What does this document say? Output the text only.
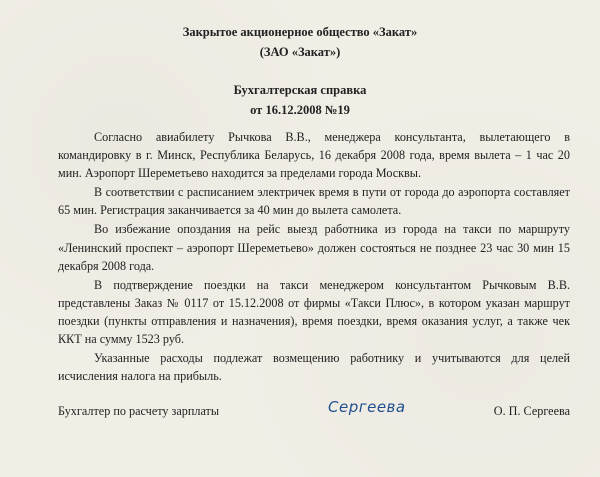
Закрытое акционерное общество «Закат»
(ЗАО «Закат»)
Бухгалтерская справка
от 16.12.2008 №19

Согласно авиабилету Рычкова В.В., менеджера консультанта, вылетающего в командировку в г. Минск, Республика Беларусь, 16 декабря 2008 года, время вылета – 1 час 20 мин. Аэропорт Шереметьево находится за пределами города Москвы.

В соответствии с расписанием электричек время в пути от города до аэропорта составляет 65 мин. Регистрация заканчивается за 40 мин до вылета самолета.

Во избежание опоздания на рейс выезд работника из города на такси по маршруту «Ленинский проспект – аэропорт Шереметьево» должен состояться не позднее 23 час 30 мин 15 декабря 2008 года.

В подтверждение поездки на такси менеджером консультантом Рычковым В.В. представлены Заказ № 0117 от 15.12.2008 от фирмы «Такси Плюс», в котором указан маршрут поездки (пункты отправления и назначения), время поездки, время оказания услуг, а также чек ККТ на сумму 1523 руб.

Указанные расходы подлежат возмещению работнику и учитываются для целей исчисления налога на прибыль.

Бухгалтер по расчету зарплаты	Сергеева	О. П. Сергеева
